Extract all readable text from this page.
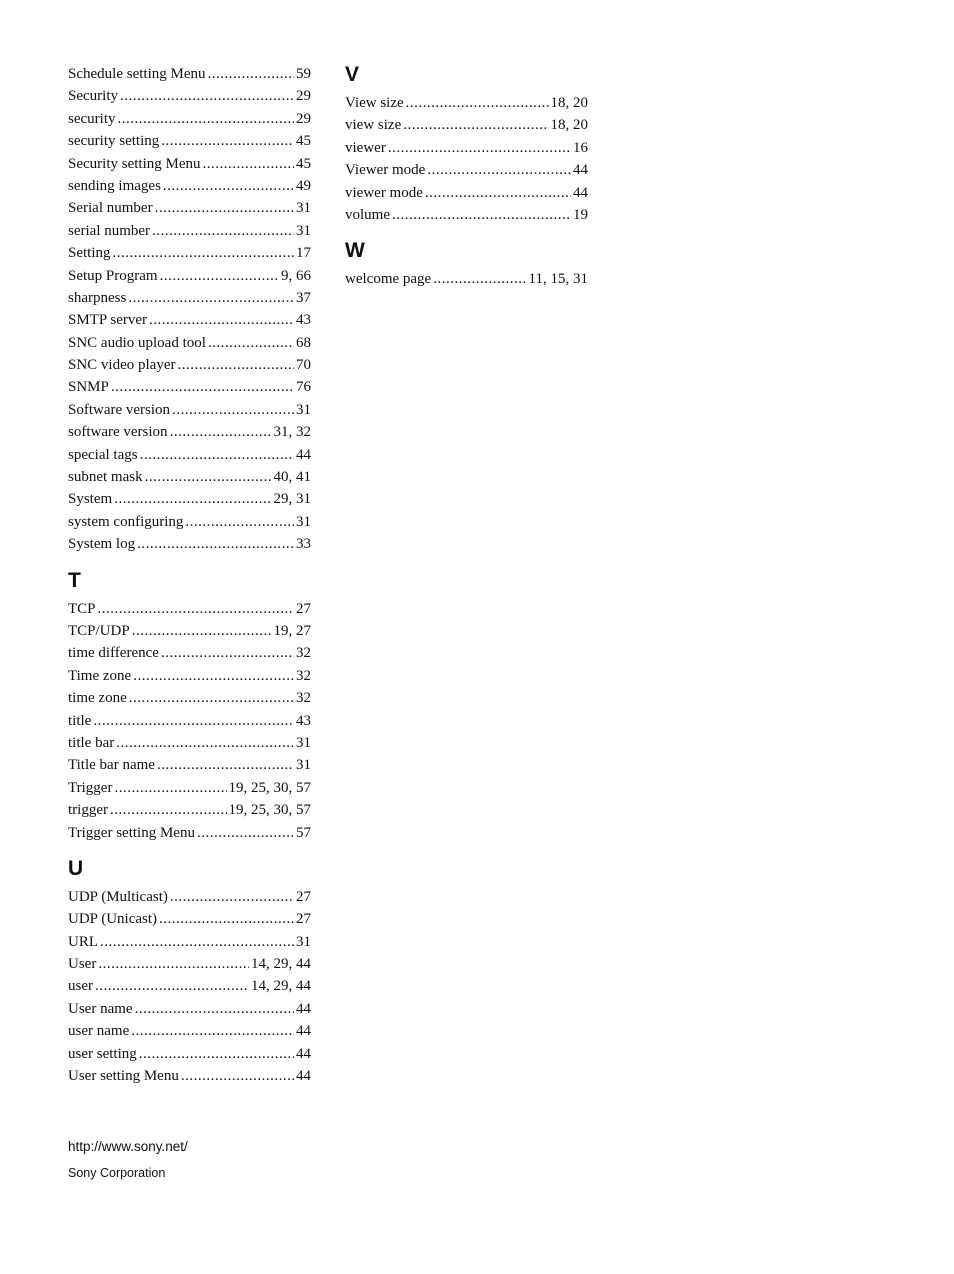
Schedule setting Menu .....	59
Security .....	29
security .....	29
security setting .....	45
Security setting Menu .....	45
sending images .....	49
Serial number .....	31
serial number .....	31
Setting .....	17
Setup Program .....	9, 66
sharpness .....	37
SMTP server .....	43
SNC audio upload tool .....	68
SNC video player .....	70
SNMP .....	76
Software version .....	31
software version .....	31, 32
special tags .....	44
subnet mask .....	40, 41
System .....	29, 31
system configuring .....	31
System log .....	33
T
TCP .....	27
TCP/UDP .....	19, 27
time difference .....	32
Time zone .....	32
time zone .....	32
title .....	43
title bar .....	31
Title bar name .....	31
Trigger .....	19, 25, 30, 57
trigger .....	19, 25, 30, 57
Trigger setting Menu .....	57
U
UDP (Multicast) .....	27
UDP (Unicast) .....	27
URL .....	31
User .....	14, 29, 44
user .....	14, 29, 44
User name .....	44
user name .....	44
user setting .....	44
User setting Menu .....	44
V
View size .....	18, 20
view size .....	18, 20
viewer .....	16
Viewer mode .....	44
viewer mode .....	44
volume .....	19
W
welcome page .....	11, 15, 31
http://www.sony.net/
Sony Corporation
